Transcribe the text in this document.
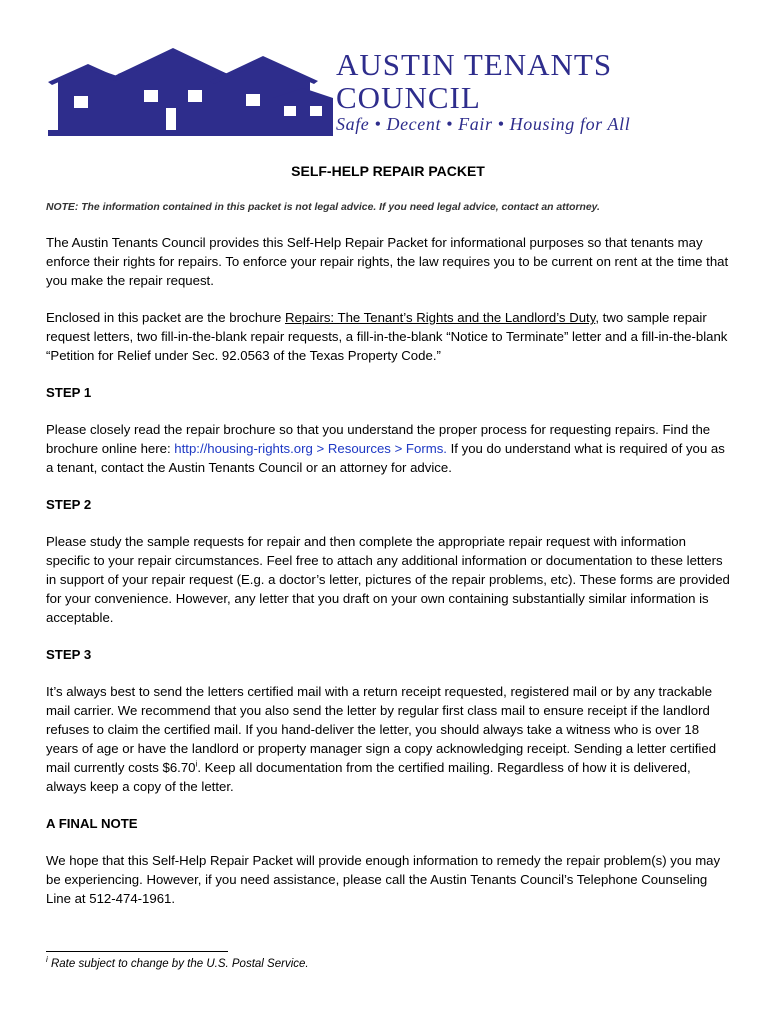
AUSTIN TENANTS
COUNCIL
Safe • Decent • Fair • Housing for All
SELF-HELP REPAIR PACKET
NOTE: The information contained in this packet is not legal advice. If you need legal advice, contact an attorney.

The Austin Tenants Council provides this Self-Help Repair Packet for informational purposes so that tenants may enforce their rights for repairs. To enforce your repair rights, the law requires you to be current on rent at the time that you make the repair request.

Enclosed in this packet are the brochure Repairs: The Tenant’s Rights and the Landlord’s Duty, two sample repair request letters, two fill-in-the-blank repair requests, a fill-in-the-blank “Notice to Terminate” letter and a fill-in-the-blank “Petition for Relief under Sec. 92.0563 of the Texas Property Code.”

STEP 1

Please closely read the repair brochure so that you understand the proper process for requesting repairs. Find the brochure online here: http://housing-rights.org > Resources > Forms. If you do understand what is required of you as a tenant, contact the Austin Tenants Council or an attorney for advice.

STEP 2

Please study the sample requests for repair and then complete the appropriate repair request with information specific to your repair circumstances. Feel free to attach any additional information or documentation to these letters in support of your repair request (E.g. a doctor’s letter, pictures of the repair problems, etc). These forms are provided for your convenience. However, any letter that you draft on your own containing substantially similar information is acceptable.

STEP 3

It’s always best to send the letters certified mail with a return receipt requested, registered mail or by any trackable mail carrier. We recommend that you also send the letter by regular first class mail to ensure receipt if the landlord refuses to claim the certified mail. If you hand-deliver the letter, you should always take a witness who is over 18 years of age or have the landlord or property manager sign a copy acknowledging receipt. Sending a letter certified mail currently costs $6.70$^i$. Keep all documentation from the certified mailing. Regardless of how it is delivered, always keep a copy of the letter.

A FINAL NOTE

We hope that this Self-Help Repair Packet will provide enough information to remedy the repair problem(s) you may be experiencing. However, if you need assistance, please call the Austin Tenants Council’s Telephone Counseling Line at 512-474-1961.

$^i$ Rate subject to change by the U.S. Postal Service.
